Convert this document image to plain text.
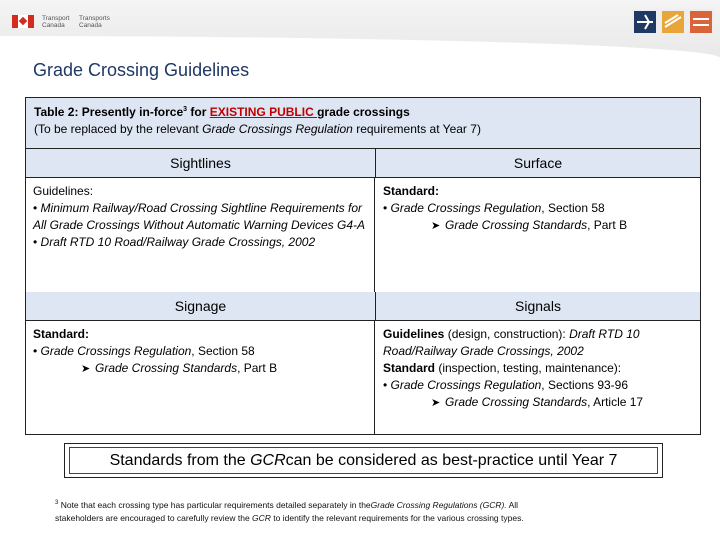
Transport
Canada
Transports
Canada
Grade Crossing Guidelines
Table 2: Presently in-force$^3$ for EXISTING PUBLIC grade crossings
(To be replaced by the relevant Grade Crossings Regulation requirements at Year 7)
Sightlines	Surface
Guidelines:
• Minimum Railway/Road Crossing Sightline Requirements for All Grade Crossings Without Automatic Warning Devices G4-A
• Draft RTD 10 Road/Railway Grade Crossings, 2002
Standard:
• Grade Crossings Regulation, Section 58
➤ Grade Crossing Standards, Part B
Signage	Signals
Standard:
• Grade Crossings Regulation, Section 58
➤ Grade Crossing Standards, Part B
Guidelines (design, construction): Draft RTD 10 Road/Railway Grade Crossings, 2002
Standard (inspection, testing, maintenance):
• Grade Crossings Regulation, Sections 93-96
➤ Grade Crossing Standards, Article 17
Standards from the
GCR can be considered as best-practice until Year 7
$^3$ Note that each crossing type has particular requirements detailed separately in theGrade Crossing Regulations (GCR). All
stakeholders are encouraged to carefully review the GCR to identify the relevant requirements for the various crossing types.
